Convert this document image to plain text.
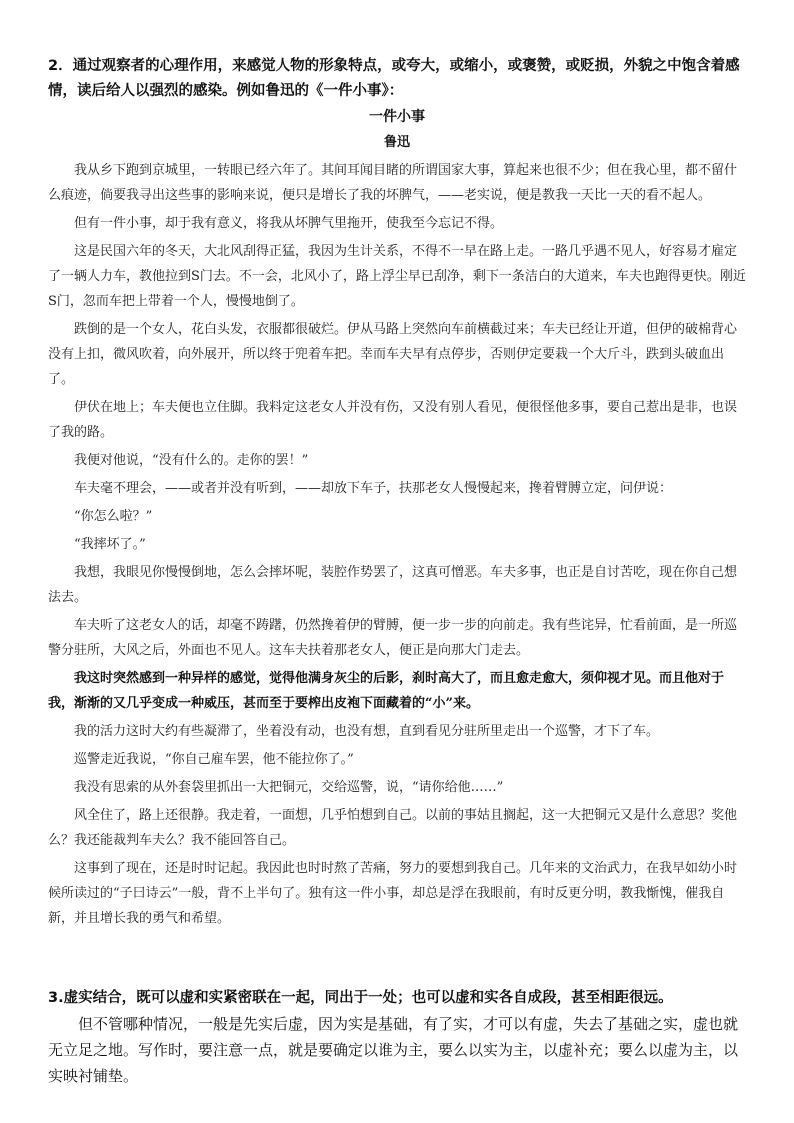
2．通过观察者的心理作用，来感觉人物的形象特点，或夸大，或缩小，或褒赞，或贬损，外貌之中饱含着感情，读后给人以强烈的感染。例如鲁迅的《一件小事》：

一件小事
鲁迅

我从乡下跑到京城里，一转眼已经六年了。其间耳闻目睹的所谓国家大事，算起来也很不少；但在我心里，都不留什么痕迹，倘要我寻出这些事的影响来说，便只是增长了我的坏脾气，——老实说，便是教我一天比一天的看不起人。

但有一件小事，却于我有意义，将我从坏脾气里拖开，使我至今忘记不得。

这是民国六年的冬天，大北风刮得正猛，我因为生计关系，不得不一早在路上走。一路几乎遇不见人，好容易才雇定了一辆人力车，教他拉到S门去。不一会，北风小了，路上浮尘早已刮净，剩下一条洁白的大道来，车夫也跑得更快。刚近S门，忽而车把上带着一个人，慢慢地倒了。

跌倒的是一个女人，花白头发，衣服都很破烂。伊从马路上突然向车前横截过来；车夫已经让开道，但伊的破棉背心没有上扣，微风吹着，向外展开，所以终于兜着车把。幸而车夫早有点停步，否则伊定要栽一个大斤斗，跌到头破血出了。

伊伏在地上；车夫便也立住脚。我料定这老女人并没有伤，又没有别人看见，便很怪他多事，要自己惹出是非，也误了我的路。

我便对他说，“没有什么的。走你的罢！”

车夫毫不理会，——或者并没有听到，——却放下车子，扶那老女人慢慢起来，搀着臂膊立定，问伊说：

“你怎么啦？”

“我摔坏了。”

我想，我眼见你慢慢倒地，怎么会摔坏呢，装腔作势罢了，这真可憎恶。车夫多事，也正是自讨苦吃，现在你自己想法去。

车夫听了这老女人的话，却毫不踌躇，仍然搀着伊的臂膊，便一步一步的向前走。我有些诧异，忙看前面，是一所巡警分驻所，大风之后，外面也不见人。这车夫扶着那老女人，便正是向那大门走去。

我这时突然感到一种异样的感觉，觉得他满身灰尘的后影，刹时高大了，而且愈走愈大，须仰视才见。而且他对于我，渐渐的又几乎变成一种威压，甚而至于要榨出皮袍下面藏着的“小”来。

我的活力这时大约有些凝滞了，坐着没有动，也没有想，直到看见分驻所里走出一个巡警，才下了车。

巡警走近我说，“你自己雇车罢，他不能拉你了。”

我没有思索的从外套袋里抓出一大把铜元，交给巡警，说，“请你给他……”

风全住了，路上还很静。我走着，一面想，几乎怕想到自己。以前的事姑且搁起，这一大把铜元又是什么意思？奖他么？我还能裁判车夫么？我不能回答自己。

这事到了现在，还是时时记起。我因此也时时熬了苦痛，努力的要想到我自己。几年来的文治武力，在我早如幼小时候所读过的“子曰诗云”一般，背不上半句了。独有这一件小事，却总是浮在我眼前，有时反更分明，教我惭愧，催我自新，并且增长我的勇气和希望。

3.虚实结合，既可以虚和实紧密联在一起，同出于一处；也可以虚和实各自成段，甚至相距很远。

但不管哪种情况，一般是先实后虚，因为实是基础，有了实，才可以有虚，失去了基础之实，虚也就无立足之地。写作时，要注意一点，就是要确定以谁为主，要么以实为主，以虚补充；要么以虚为主，以实映衬铺垫。
